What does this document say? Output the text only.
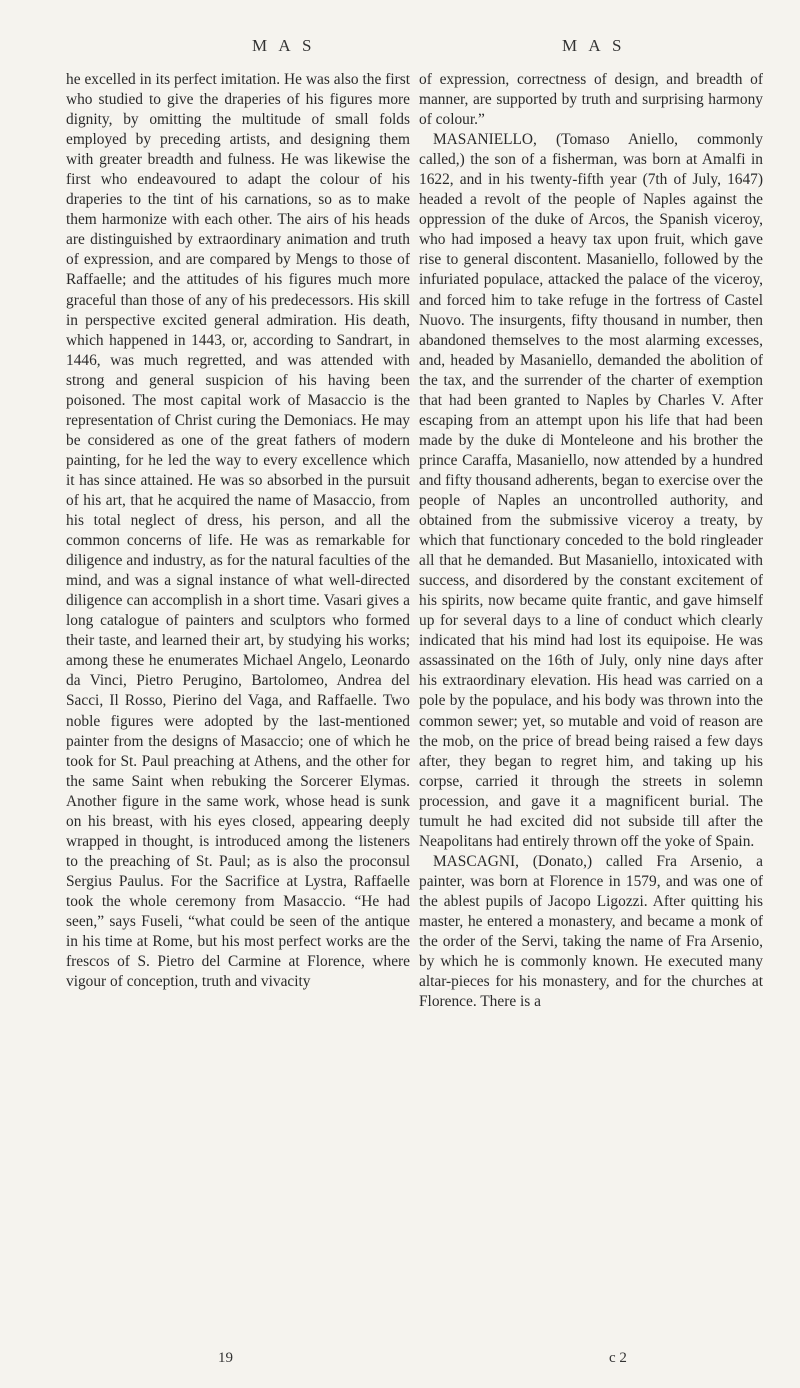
M A S	M A S

he excelled in its perfect imitation. He was also the first who studied to give the draperies of his figures more dignity, by omitting the multitude of small folds employed by preceding artists, and designing them with greater breadth and fulness. He was likewise the first who endeavoured to adapt the colour of his draperies to the tint of his carnations, so as to make them harmonize with each other. The airs of his heads are distinguished by extraordinary animation and truth of expression, and are compared by Mengs to those of Raffaelle; and the attitudes of his figures much more graceful than those of any of his predecessors. His skill in perspective excited general admiration. His death, which happened in 1443, or, according to Sandrart, in 1446, was much regretted, and was attended with strong and general suspicion of his having been poisoned. The most capital work of Masaccio is the representation of Christ curing the Demoniacs. He may be considered as one of the great fathers of modern painting, for he led the way to every excellence which it has since attained. He was so absorbed in the pursuit of his art, that he acquired the name of Masaccio, from his total neglect of dress, his person, and all the common concerns of life. He was as remarkable for diligence and industry, as for the natural faculties of the mind, and was a signal instance of what well-directed diligence can accomplish in a short time. Vasari gives a long catalogue of painters and sculptors who formed their taste, and learned their art, by studying his works; among these he enumerates Michael Angelo, Leonardo da Vinci, Pietro Perugino, Bartolomeo, Andrea del Sacci, Il Rosso, Pierino del Vaga, and Raffaelle. Two noble figures were adopted by the last-mentioned painter from the designs of Masaccio; one of which he took for St. Paul preaching at Athens, and the other for the same Saint when rebuking the Sorcerer Elymas. Another figure in the same work, whose head is sunk on his breast, with his eyes closed, appearing deeply wrapped in thought, is introduced among the listeners to the preaching of St. Paul; as is also the proconsul Sergius Paulus. For the Sacrifice at Lystra, Raffaelle took the whole ceremony from Masaccio. “He had seen,” says Fuseli, “what could be seen of the antique in his time at Rome, but his most perfect works are the frescos of S. Pietro del Carmine at Florence, where vigour of conception, truth and vivacity

of expression, correctness of design, and breadth of manner, are supported by truth and surprising harmony of colour.”

MASANIELLO, (Tomaso Aniello, commonly called,) the son of a fisherman, was born at Amalfi in 1622, and in his twenty-fifth year (7th of July, 1647) headed a revolt of the people of Naples against the oppression of the duke of Arcos, the Spanish viceroy, who had imposed a heavy tax upon fruit, which gave rise to general discontent. Masaniello, followed by the infuriated populace, attacked the palace of the viceroy, and forced him to take refuge in the fortress of Castel Nuovo. The insurgents, fifty thousand in number, then abandoned themselves to the most alarming excesses, and, headed by Masaniello, demanded the abolition of the tax, and the surrender of the charter of exemption that had been granted to Naples by Charles V. After escaping from an attempt upon his life that had been made by the duke di Monteleone and his brother the prince Caraffa, Masaniello, now attended by a hundred and fifty thousand adherents, began to exercise over the people of Naples an uncontrolled authority, and obtained from the submissive viceroy a treaty, by which that functionary conceded to the bold ringleader all that he demanded. But Masaniello, intoxicated with success, and disordered by the constant excitement of his spirits, now became quite frantic, and gave himself up for several days to a line of conduct which clearly indicated that his mind had lost its equipoise. He was assassinated on the 16th of July, only nine days after his extraordinary elevation. His head was carried on a pole by the populace, and his body was thrown into the common sewer; yet, so mutable and void of reason are the mob, on the price of bread being raised a few days after, they began to regret him, and taking up his corpse, carried it through the streets in solemn procession, and gave it a magnificent burial. The tumult he had excited did not subside till after the Neapolitans had entirely thrown off the yoke of Spain.

MASCAGNI, (Donato,) called Fra Arsenio, a painter, was born at Florence in 1579, and was one of the ablest pupils of Jacopo Ligozzi. After quitting his master, he entered a monastery, and became a monk of the order of the Servi, taking the name of Fra Arsenio, by which he is commonly known. He executed many altar-pieces for his monastery, and for the churches at Florence. There is a

19	c 2
